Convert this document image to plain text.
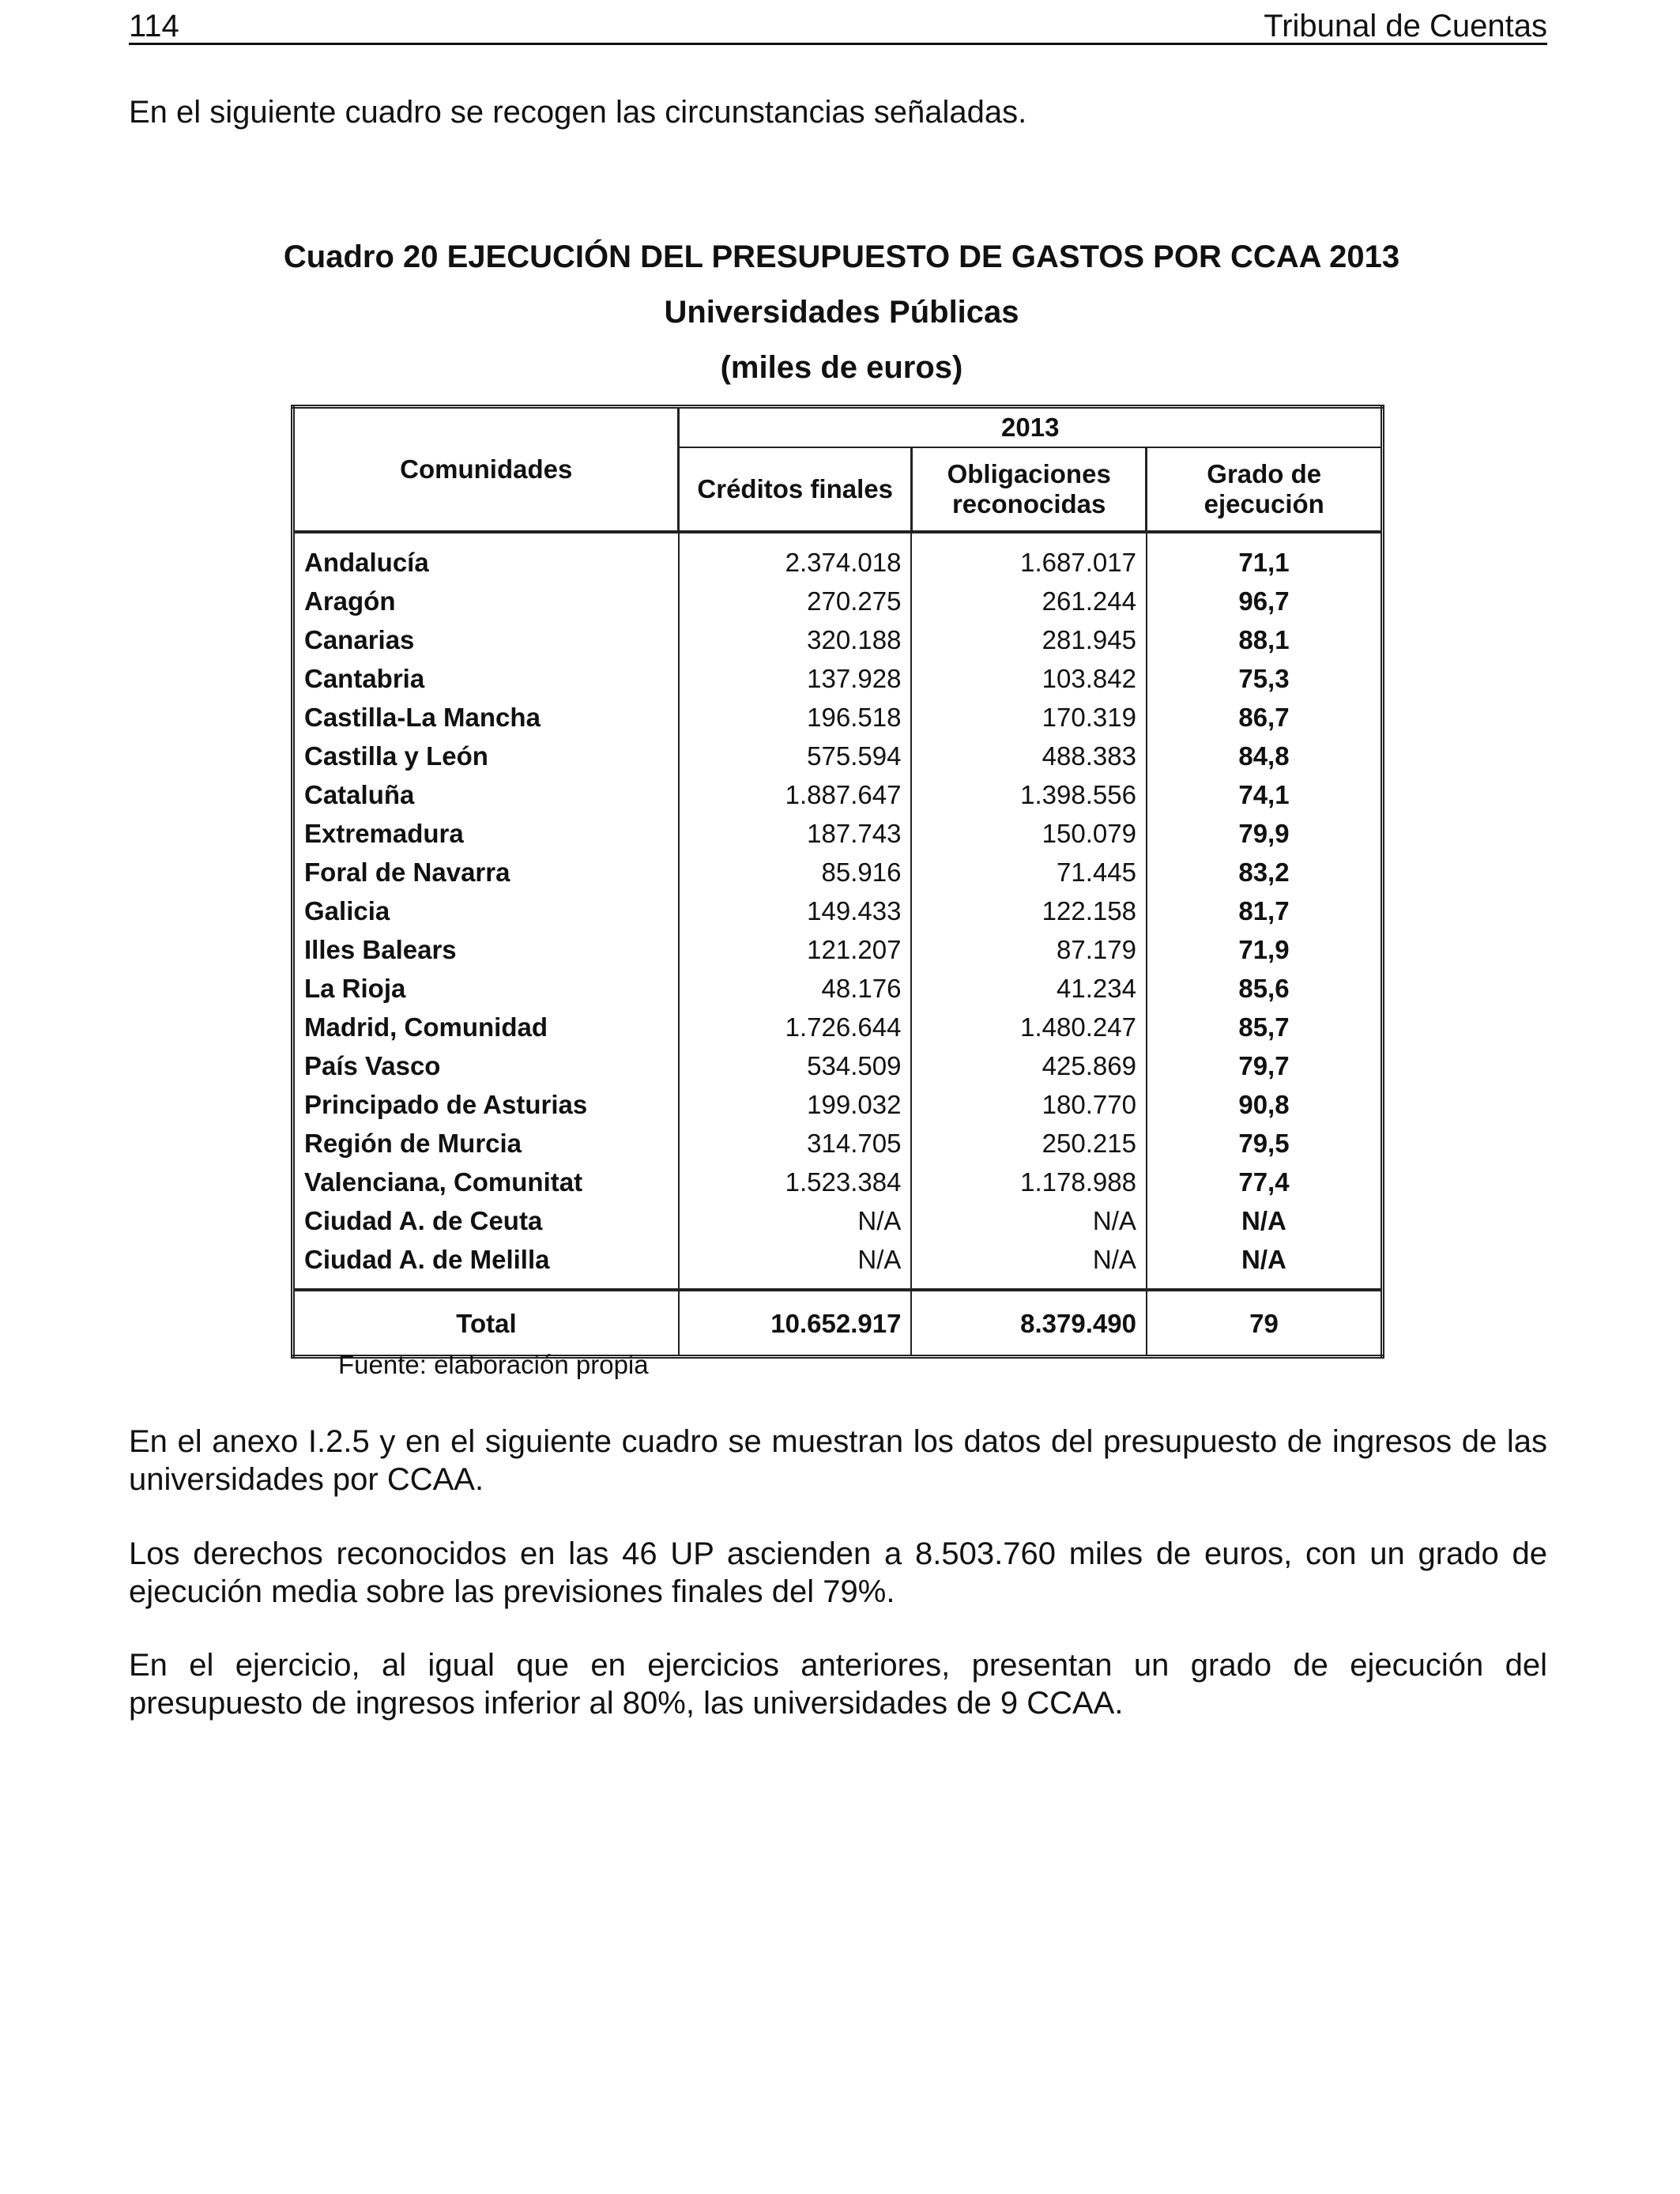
114	Tribunal de Cuentas

En el siguiente cuadro se recogen las circunstancias señaladas.

Cuadro 20 EJECUCIÓN DEL PRESUPUESTO DE GASTOS POR CCAA 2013
Universidades Públicas
(miles de euros)
Comunidades	2013		
	Créditos finales	Obligaciones reconocidas	Grado de ejecución
Andalucía	2.374.018	1.687.017	71,1
Aragón	270.275	261.244	96,7
Canarias	320.188	281.945	88,1
Cantabria	137.928	103.842	75,3
Castilla-La Mancha	196.518	170.319	86,7
Castilla y León	575.594	488.383	84,8
Cataluña	1.887.647	1.398.556	74,1
Extremadura	187.743	150.079	79,9
Foral de Navarra	85.916	71.445	83,2
Galicia	149.433	122.158	81,7
Illes Balears	121.207	87.179	71,9
La Rioja	48.176	41.234	85,6
Madrid, Comunidad	1.726.644	1.480.247	85,7
País Vasco	534.509	425.869	79,7
Principado de Asturias	199.032	180.770	90,8
Región de Murcia	314.705	250.215	79,5
Valenciana, Comunitat	1.523.384	1.178.988	77,4
Ciudad A. de Ceuta	N/A	N/A	N/A
Ciudad A. de Melilla	N/A	N/A	N/A
Total	10.652.917	8.379.490	79
Fuente: elaboración propia

En el anexo I.2.5 y en el siguiente cuadro se muestran los datos del presupuesto de ingresos de las universidades por CCAA.

Los derechos reconocidos en las 46 UP ascienden a 8.503.760 miles de euros, con un grado de ejecución media sobre las previsiones finales del 79%.

En el ejercicio, al igual que en ejercicios anteriores, presentan un grado de ejecución del presupuesto de ingresos inferior al 80%, las universidades de 9 CCAA.
